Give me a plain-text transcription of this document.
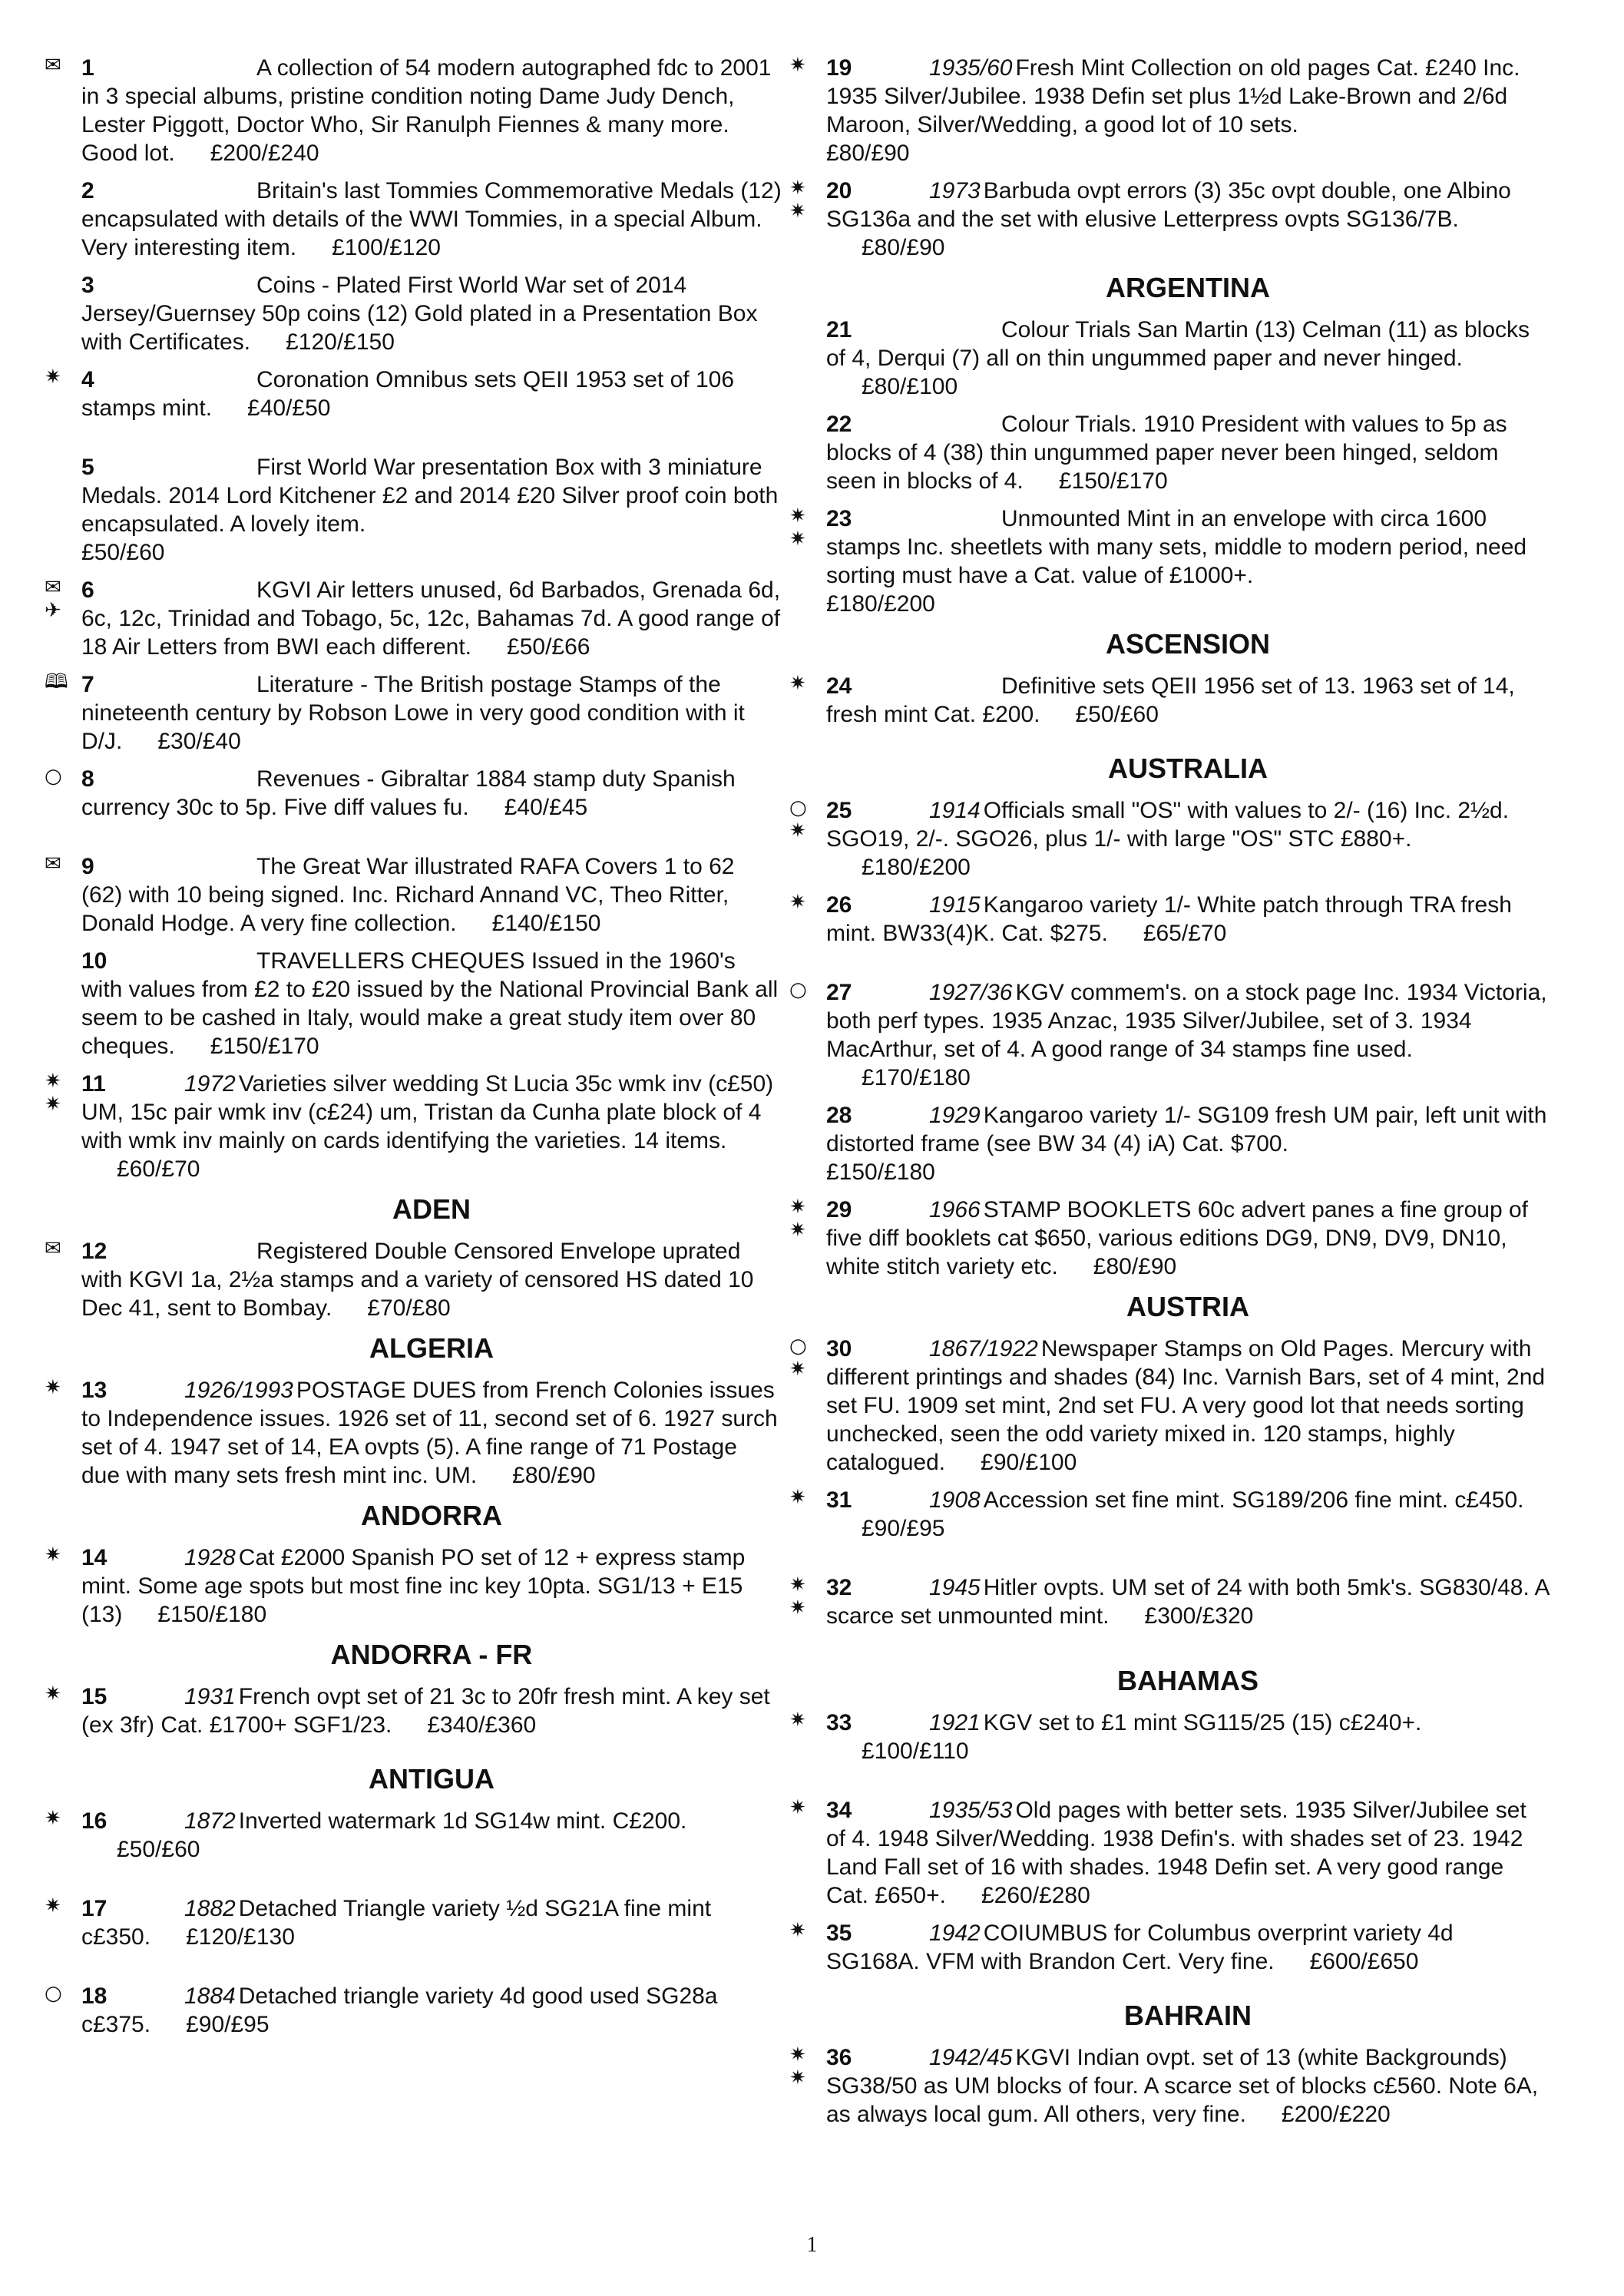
✉ 1	A collection of 54 modern autographed fdc to 2001 in 3 special albums, pristine condition noting Dame Judy Dench, Lester Piggott, Doctor Who, Sir Ranulph Fiennes & many more. Good lot. £200/£240
2	Britain's last Tommies Commemorative Medals (12) encapsulated with details of the WWI Tommies, in a special Album. Very interesting item. £100/£120
3	Coins - Plated First World War set of 2014 Jersey/Guernsey 50p coins (12) Gold plated in a Presentation Box with Certificates. £120/£150
✷ 4	Coronation Omnibus sets QEII 1953 set of 106 stamps mint. £40/£50
5	First World War presentation Box with 3 miniature Medals. 2014 Lord Kitchener £2 and 2014 £20 Silver proof coin both encapsulated. A lovely item.
£50/£60
✉
✈
6	KGVI Air letters unused, 6d Barbados, Grenada 6d, 6c, 12c, Trinidad and Tobago, 5c, 12c, Bahamas 7d. A good range of 18 Air Letters from BWI each different. £50/£66
🕮 7	Literature - The British postage Stamps of the nineteenth century by Robson Lowe in very good condition with it D/J. £30/£40
○ 8	Revenues - Gibraltar 1884 stamp duty Spanish currency 30c to 5p. Five diff values fu. £40/£45
✉ 9	The Great War illustrated RAFA Covers 1 to 62 (62) with 10 being signed. Inc. Richard Annand VC, Theo Ritter, Donald Hodge. A very fine collection. £140/£150
10	TRAVELLERS CHEQUES Issued in the 1960's with values from £2 to £20 issued by the National Provincial Bank all seem to be cashed in Italy, would make a great study item over 80 cheques. £150/£170
✷
✷
11	1972 Varieties silver wedding St Lucia 35c wmk inv (c£50) UM, 15c pair wmk inv (c£24) um, Tristan da Cunha plate block of 4 with wmk inv mainly on cards identifying the varieties. 14 items.£60/£70
ADEN
✉ 12	Registered Double Censored Envelope uprated with KGVI 1a, 2½a stamps and a variety of censored HS dated 10 Dec 41, sent to Bombay. £70/£80
ALGERIA
✷ 13	1926/1993 POSTAGE DUES from French Colonies issues to Independence issues. 1926 set of 11, second set of 6. 1927 surch set of 4. 1947 set of 14, EA ovpts (5). A fine range of 71 Postage due with many sets fresh mint inc. UM. £80/£90
ANDORRA
✷ 14	1928 Cat £2000 Spanish PO set of 12 + express stamp mint. Some age spots but most fine inc key 10pta. SG1/13 + E15 (13) £150/£180
ANDORRA - FR
✷ 15	1931 French ovpt set of 21 3c to 20fr fresh mint. A key set (ex 3fr) Cat. £1700+ SGF1/23. £340/£360
ANTIGUA
✷ 16	1872 Inverted watermark 1d SG14w mint. C£200.£50/£60
✷ 17	1882 Detached Triangle variety ½d SG21A fine mint c£350. £120/£130
○ 18	1884 Detached triangle variety 4d good used SG28a c£375. £90/£95
✷ 19	1935/60 Fresh Mint Collection on old pages Cat. £240 Inc. 1935 Silver/Jubilee. 1938 Defin set plus 1½d Lake-Brown and 2/6d Maroon, Silver/Wedding, a good lot of 10 sets.
£80/£90
✷
✷
20	1973 Barbuda ovpt errors (3) 35c ovpt double, one Albino SG136a and the set with elusive Letterpress ovpts SG136/7B.£80/£90
ARGENTINA
21	Colour Trials San Martin (13) Celman (11) as blocks of 4, Derqui (7) all on thin ungummed paper and never hinged.£80/£100
22	Colour Trials. 1910 President with values to 5p as blocks of 4 (38) thin ungummed paper never been hinged, seldom seen in blocks of 4. £150/£170
✷
✷
23	Unmounted Mint in an envelope with circa 1600 stamps Inc. sheetlets with many sets, middle to modern period, need sorting must have a Cat. value of £1000+.
£180/£200
ASCENSION
✷ 24	Definitive sets QEII 1956 set of 13. 1963 set of 14, fresh mint Cat. £200. £50/£60
AUSTRALIA
○
✷
25	1914 Officials small "OS" with values to 2/- (16) Inc. 2½d. SGO19, 2/-. SGO26, plus 1/- with large "OS" STC £880+.£180/£200
✷ 26	1915 Kangaroo variety 1/- White patch through TRA fresh mint. BW33(4)K. Cat. $275. £65/£70
○ 27	1927/36 KGV commem's. on a stock page Inc. 1934 Victoria, both perf types. 1935 Anzac, 1935 Silver/Jubilee, set of 3. 1934 MacArthur, set of 4. A good range of 34 stamps fine used.£170/£180
28	1929 Kangaroo variety 1/- SG109 fresh UM pair, left unit with distorted frame (see BW 34 (4) iA) Cat. $700.
£150/£180
✷
✷
29	1966 STAMP BOOKLETS 60c advert panes a fine group of five diff booklets cat $650, various editions DG9, DN9, DV9, DN10, white stitch variety etc. £80/£90
AUSTRIA
○
✷
30	1867/1922 Newspaper Stamps on Old Pages. Mercury with different printings and shades (84) Inc. Varnish Bars, set of 4 mint, 2nd set FU. 1909 set mint, 2nd set FU. A very good lot that needs sorting unchecked, seen the odd variety mixed in. 120 stamps, highly catalogued. £90/£100
✷ 31	1908 Accession set fine mint. SG189/206 fine mint. c£450.£90/£95
✷
✷
32	1945 Hitler ovpts. UM set of 24 with both 5mk's. SG830/48. A scarce set unmounted mint. £300/£320
BAHAMAS
✷ 33	1921 KGV set to £1 mint SG115/25 (15) c£240+.£100/£110
✷ 34	1935/53 Old pages with better sets. 1935 Silver/Jubilee set of 4. 1948 Silver/Wedding. 1938 Defin's. with shades set of 23. 1942 Land Fall set of 16 with shades. 1948 Defin set. A very good range Cat. £650+. £260/£280
✷ 35	1942 COIUMBUS for Columbus overprint variety 4d SG168A. VFM with Brandon Cert. Very fine. £600/£650
BAHRAIN
✷
✷
36	1942/45 KGVI Indian ovpt. set of 13 (white Backgrounds) SG38/50 as UM blocks of four. A scarce set of blocks c£560. Note 6A, as always local gum. All others, very fine. £200/£220
1
